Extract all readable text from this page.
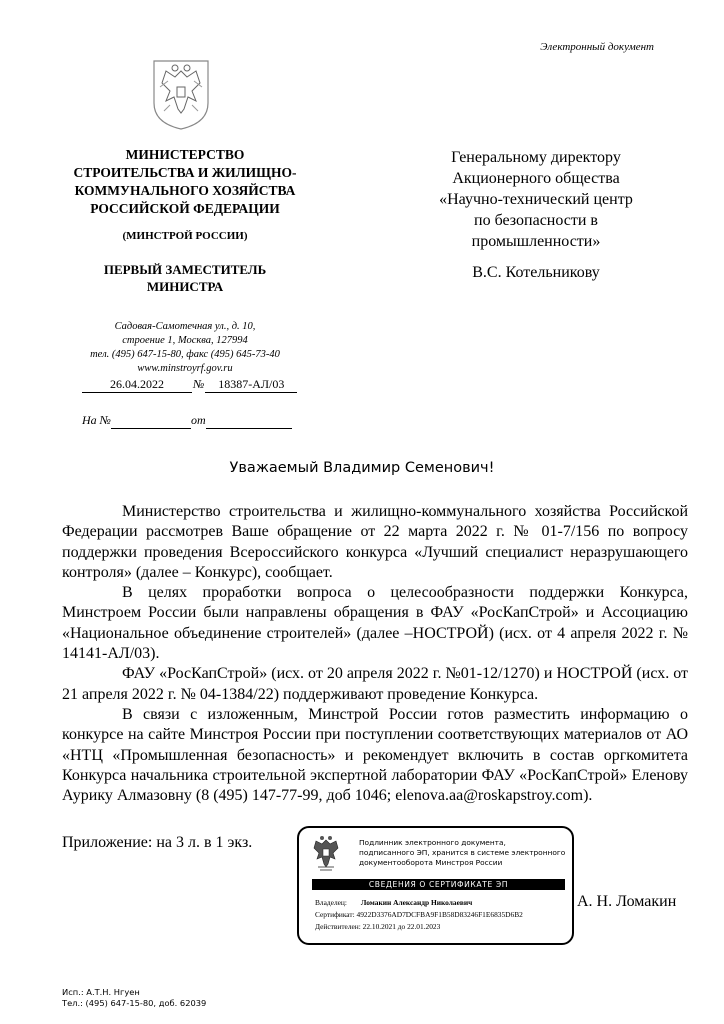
Электронный документ
МИНИСТЕРСТВО
СТРОИТЕЛЬСТВА И ЖИЛИЩНО-
КОММУНАЛЬНОГО ХОЗЯЙСТВА
РОССИЙСКОЙ ФЕДЕРАЦИИ
(МИНСТРОЙ РОССИИ)
ПЕРВЫЙ ЗАМЕСТИТЕЛЬ
МИНИСТРА
Садовая-Самотечная ул., д. 10,
строение 1, Москва, 127994
тел. (495) 647-15-80, факс (495) 645-73-40
www.minstroyrf.gov.ru
26.04.2022 № 18387-АЛ/03
На №	от
Генеральному директору
Акционерного общества
«Научно-технический центр
по безопасности в
промышленности»
В.С. Котельникову
Уважаемый Владимир Семенович!

Министерство строительства и жилищно-коммунального хозяйства Российской Федерации рассмотрев Ваше обращение от 22 марта 2022 г. № 01-7/156 по вопросу поддержки проведения Всероссийского конкурса «Лучший специалист неразрушающего контроля» (далее – Конкурс), сообщает.

В целях проработки вопроса о целесообразности поддержки Конкурса, Минстроем России были направлены обращения в ФАУ «РосКапСтрой» и Ассоциацию «Национальное объединение строителей» (далее –НОСТРОЙ) (исх. от 4 апреля 2022 г. № 14141-АЛ/03).

ФАУ «РосКапСтрой» (исх. от 20 апреля 2022 г. №01-12/1270) и НОСТРОЙ (исх. от 21 апреля 2022 г. № 04-1384/22) поддерживают проведение Конкурса.

В связи с изложенным, Минстрой России готов разместить информацию о конкурсе на сайте Минстроя России при поступлении соответствующих материалов от АО «НТЦ «Промышленная безопасность» и рекомендует включить в состав оргкомитета Конкурса начальника строительной экспертной лаборатории ФАУ «РосКапСтрой» Еленову Аурику Алмазовну (8 (495) 147-77-99, доб 1046; elenova.aa@roskapstroy.com).

Приложение: на 3 л. в 1 экз.	Подлинник электронного документа,
подписанного ЭП, хранится в системе электронного
документооборота Минстроя России
СВЕДЕНИЯ О СЕРТИФИКАТЕ ЭП
Владелец: Ломакин Александр Николаевич
Сертификат: 4922D3376AD7DCFBA9F1B58D83246F1E6835D6B2
Действителен: 22.10.2021 до 22.01.2023
А. Н. Ломакин
Исп.: А.Т.Н. Нгуен
Тел.: (495) 647-15-80, доб. 62039
